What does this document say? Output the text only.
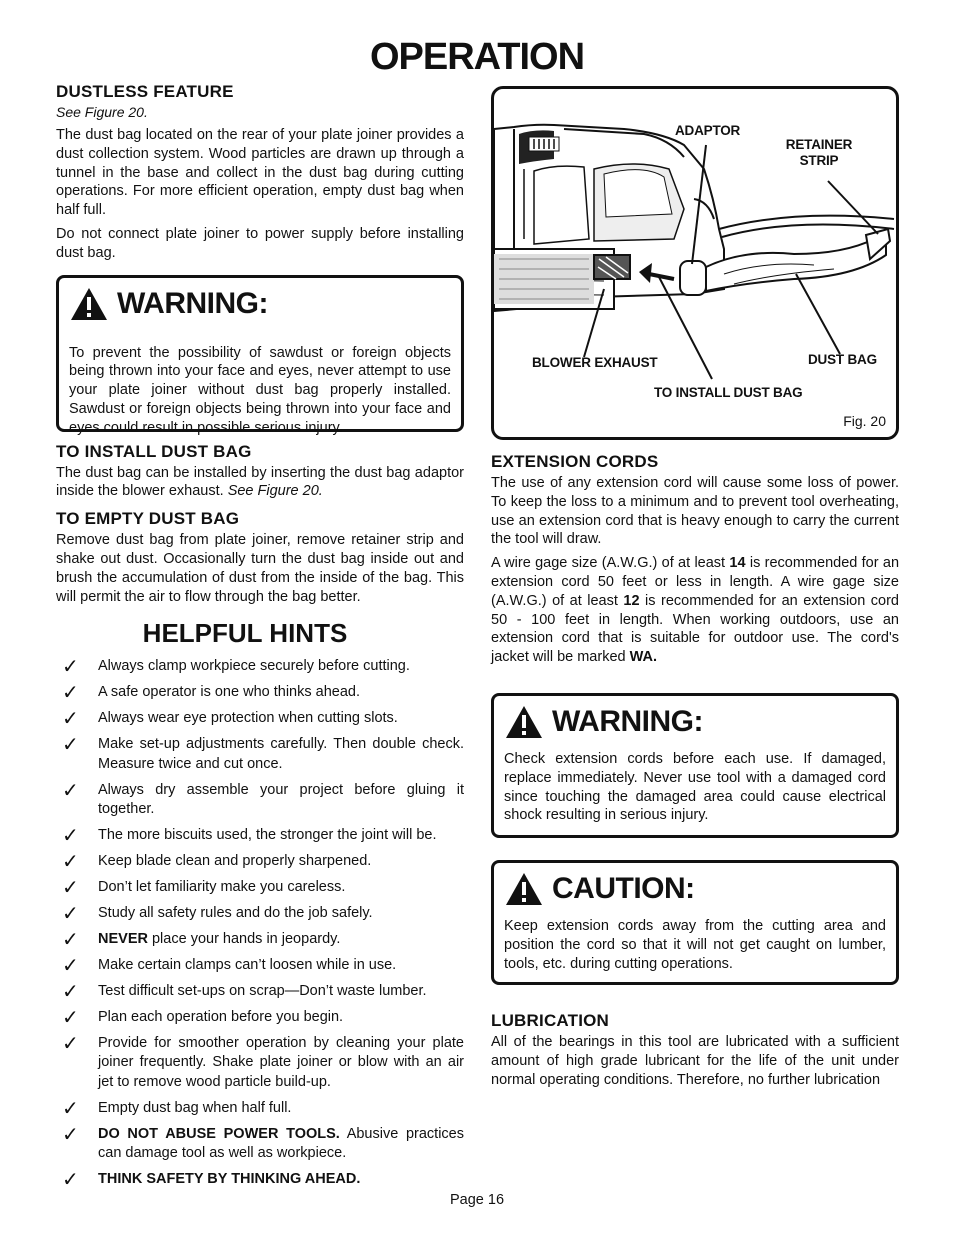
OPERATION
DUSTLESS FEATURE
See Figure 20.

The dust bag located on the rear of your plate joiner provides a dust collection system. Wood particles are drawn up through a tunnel in the base and collect in the dust bag during cutting operations. For more efficient operation, empty dust bag when half full.

Do not connect plate joiner to power supply before installing dust bag.

WARNING:

To prevent the possibility of sawdust or foreign objects being thrown into your face and eyes, never attempt to use your plate joiner without dust bag properly installed. Sawdust or foreign objects being thrown into your face and eyes could result in possible serious injury.

TO INSTALL DUST BAG

The dust bag can be installed by inserting the dust bag adaptor inside the blower exhaust. See Figure 20.

TO EMPTY DUST BAG

Remove dust bag from plate joiner, remove retainer strip and shake out dust. Occasionally turn the dust bag inside out and brush the accumulation of dust from the inside of the bag. This will permit the air to flow through the bag better.

HELPFUL HINTS
✓	Always clamp workpiece securely before cutting.
✓	A safe operator is one who thinks ahead.
✓	Always wear eye protection when cutting slots.
✓	Make set-up adjustments carefully. Then double check. Measure twice and cut once.
✓	Always dry assemble your project before gluing it together.
✓	The more biscuits used, the stronger the joint will be.
✓	Keep blade clean and properly sharpened.
✓	Don’t let familiarity make you careless.
✓	Study all safety rules and do the job safely.
✓	NEVER place your hands in jeopardy.
✓	Make certain clamps can’t loosen while in use.
✓	Test difficult set-ups on scrap—Don’t waste lumber.
✓	Plan each operation before you begin.
✓	Provide for smoother operation by cleaning your plate joiner frequently. Shake plate joiner or blow with an air jet to remove wood particle build-up.
✓	Empty dust bag when half full.
✓	DO NOT ABUSE POWER TOOLS. Abusive practices can damage tool as well as workpiece.
✓	THINK SAFETY BY THINKING AHEAD.
ADAPTOR
RETAINER STRIP
BLOWER EXHAUST	DUST BAG
TO INSTALL DUST BAG
Fig. 20
EXTENSION CORDS

The use of any extension cord will cause some loss of power. To keep the loss to a minimum and to prevent tool overheating, use an extension cord that is heavy enough to carry the current the tool will draw.

A wire gage size (A.W.G.) of at least 14 is recommended for an extension cord 50 feet or less in length. A wire gage size (A.W.G.) of at least 12 is recommended for an extension cord 50 - 100 feet in length. When working outdoors, use an extension cord that is suitable for outdoor use. The cord's jacket will be marked WA.

WARNING:

Check extension cords before each use. If damaged, replace immediately. Never use tool with a damaged cord since touching the damaged area could cause electrical shock resulting in serious injury.

CAUTION:

Keep extension cords away from the cutting area and position the cord so that it will not get caught on lumber, tools, etc. during cutting operations.

LUBRICATION

All of the bearings in this tool are lubricated with a sufficient amount of high grade lubricant for the life of the unit under normal operating conditions. Therefore, no further lubrication

Page 16
